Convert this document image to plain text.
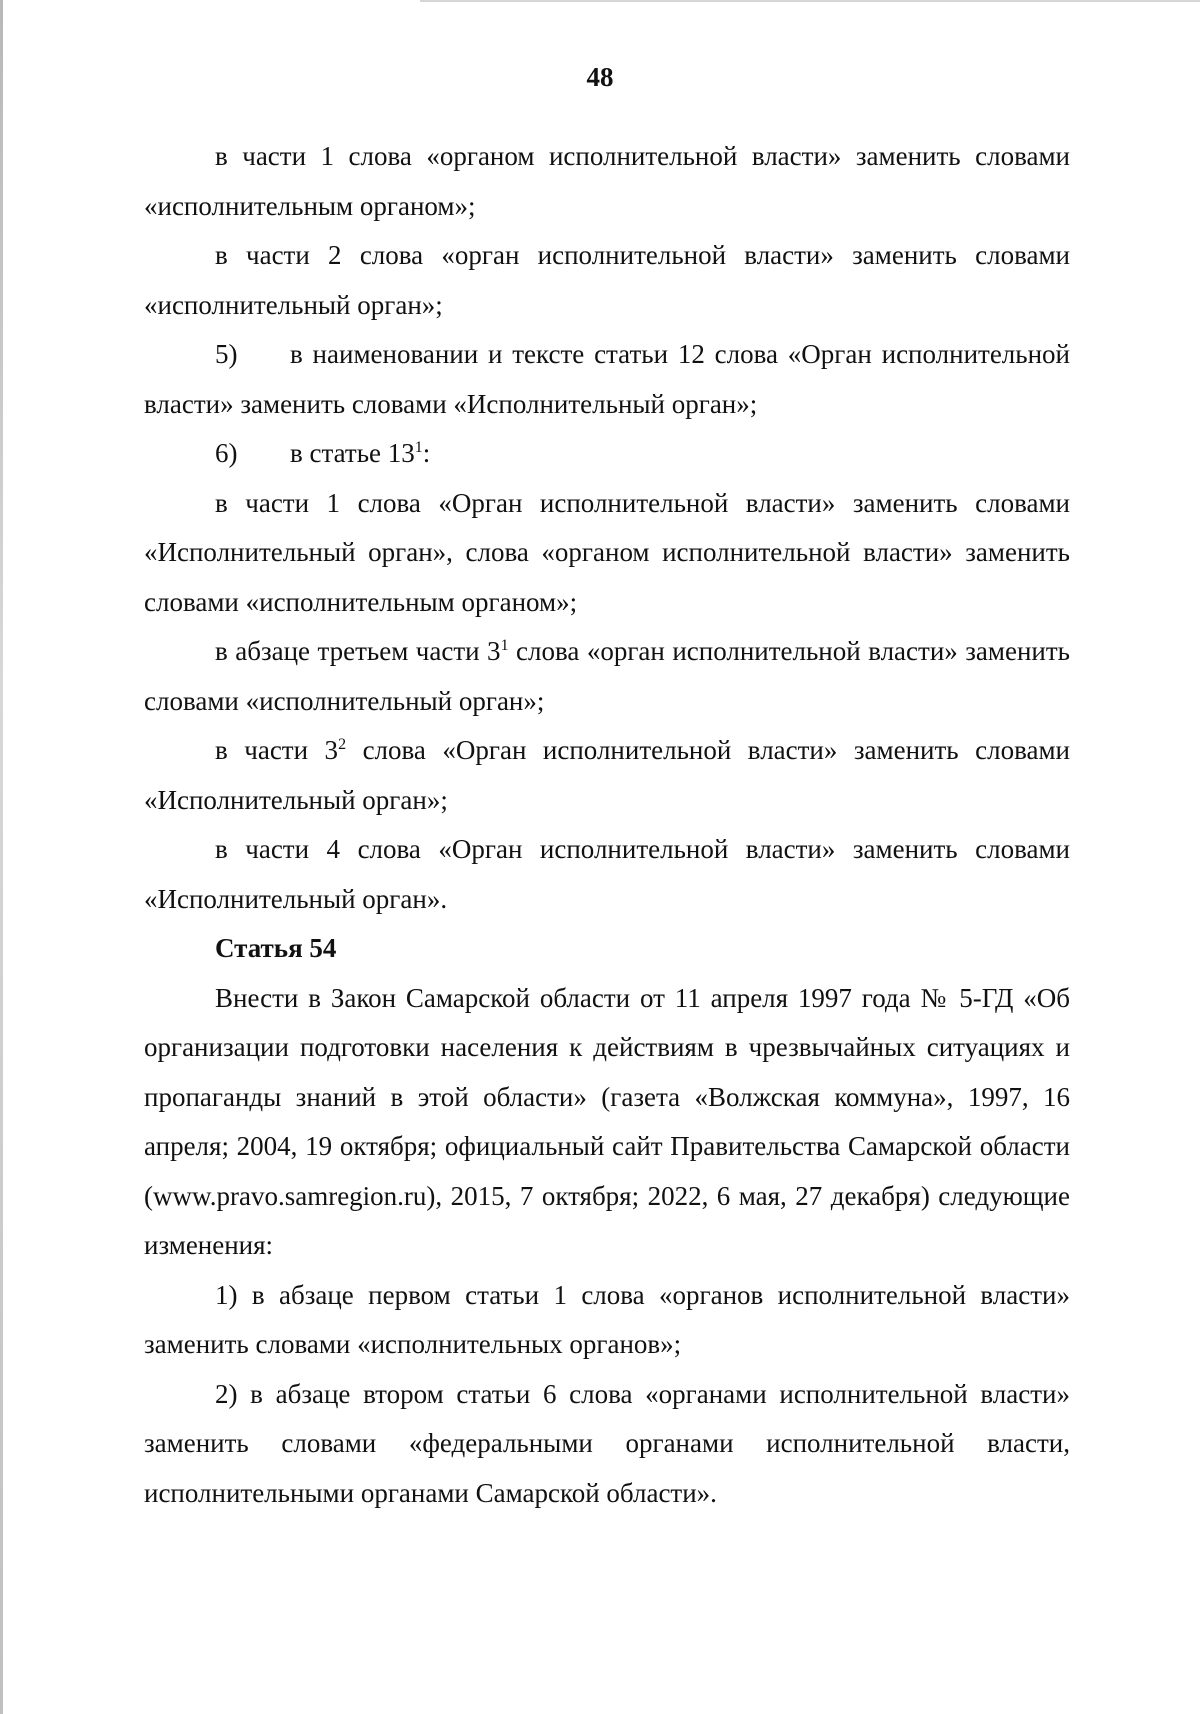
48

в части 1 слова «органом исполнительной власти» заменить словами «исполнительным органом»;

в части 2 слова «орган исполнительной власти» заменить словами «исполнительный орган»;

5) в наименовании и тексте статьи 12 слова «Орган исполнительной власти» заменить словами «Исполнительный орган»;

6) в статье $13^1$:

в части 1 слова «Орган исполнительной власти» заменить словами «Исполнительный орган», слова «органом исполнительной власти» заменить словами «исполнительным органом»;

в абзаце третьем части $3^1$ слова «орган исполнительной власти» заменить словами «исполнительный орган»;

в части $3^2$ слова «Орган исполнительной власти» заменить словами «Исполнительный орган»;

в части 4 слова «Орган исполнительной власти» заменить словами «Исполнительный орган».

Статья 54

Внести в Закон Самарской области от 11 апреля 1997 года № 5-ГД «Об организации подготовки населения к действиям в чрезвычайных ситуациях и пропаганды знаний в этой области» (газета «Волжская коммуна», 1997, 16 апреля; 2004, 19 октября; официальный сайт Правительства Самарской области (www.pravo.samregion.ru), 2015, 7 октября; 2022, 6 мая, 27 декабря) следующие изменения:

1) в абзаце первом статьи 1 слова «органов исполнительной власти» заменить словами «исполнительных органов»;

2) в абзаце втором статьи 6 слова «органами исполнительной власти» заменить словами «федеральными органами исполнительной власти, исполнительными органами Самарской области».
